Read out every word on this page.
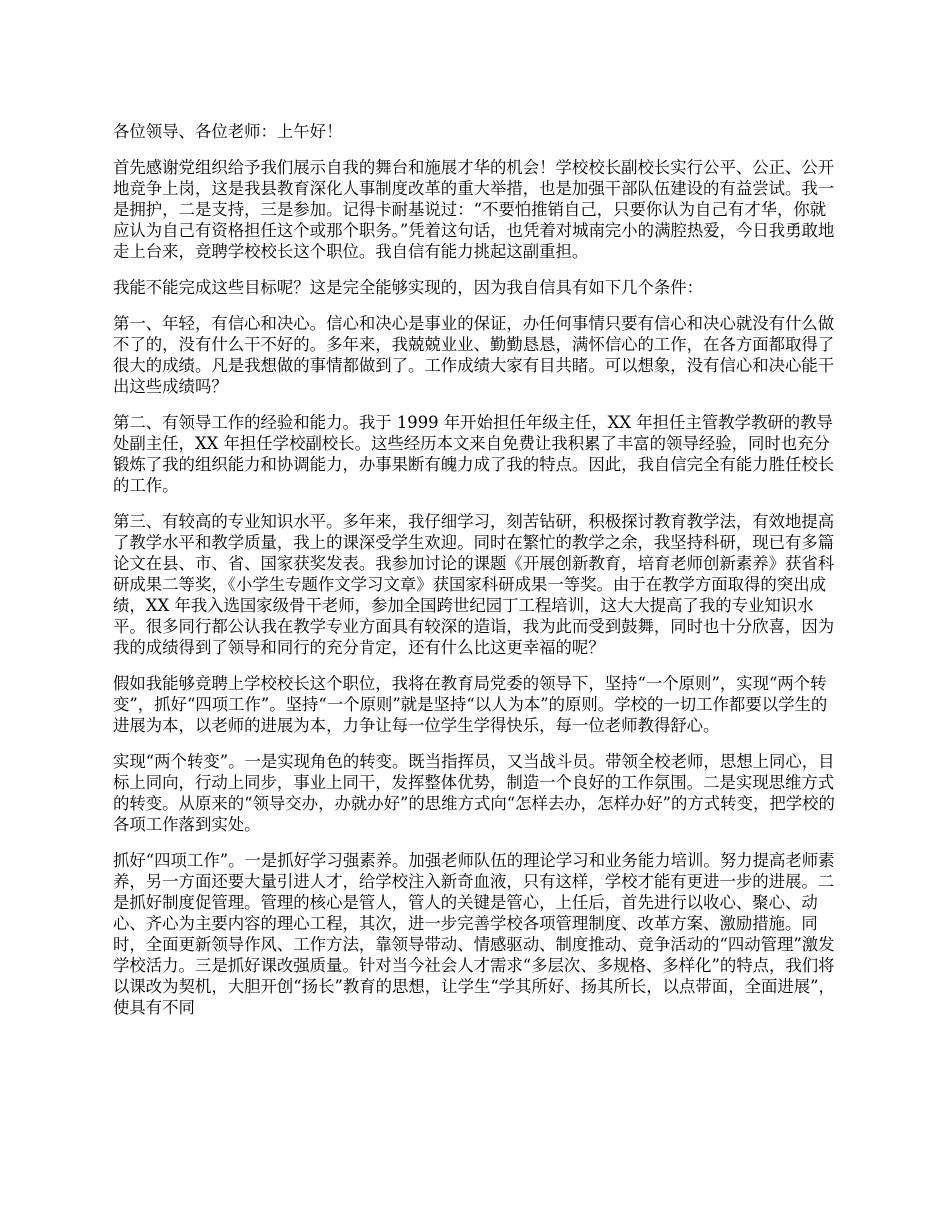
各位领导、各位老师：上午好！

首先感谢党组织给予我们展示自我的舞台和施展才华的机会！学校校长副校长实行公平、公正、公开地竞争上岗，这是我县教育深化人事制度改革的重大举措，也是加强干部队伍建设的有益尝试。我一是拥护，二是支持，三是参加。记得卡耐基说过：“不要怕推销自己，只要你认为自己有才华，你就应认为自己有资格担任这个或那个职务。”凭着这句话，也凭着对城南完小的满腔热爱，今日我勇敢地走上台来，竞聘学校校长这个职位。我自信有能力挑起这副重担。

我能不能完成这些目标呢？这是完全能够实现的，因为我自信具有如下几个条件：

第一、年轻，有信心和决心。信心和决心是事业的保证，办任何事情只要有信心和决心就没有什么做不了的，没有什么干不好的。多年来，我兢兢业业、勤勤恳恳，满怀信心的工作，在各方面都取得了很大的成绩。凡是我想做的事情都做到了。工作成绩大家有目共睹。可以想象，没有信心和决心能干出这些成绩吗？

第二、有领导工作的经验和能力。我于 1999 年开始担任年级主任，XX 年担任主管教学教研的教导处副主任，XX 年担任学校副校长。这些经历本文来自免费让我积累了丰富的领导经验，同时也充分锻炼了我的组织能力和协调能力，办事果断有魄力成了我的特点。因此，我自信完全有能力胜任校长的工作。

第三、有较高的专业知识水平。多年来，我仔细学习，刻苦钻研，积极探讨教育教学法，有效地提高了教学水平和教学质量，我上的课深受学生欢迎。同时在繁忙的教学之余，我坚持科研，现已有多篇论文在县、市、省、国家获奖发表。我参加讨论的课题《开展创新教育，培育老师创新素养》获省科研成果二等奖，《小学生专题作文学习文章》获国家科研成果一等奖。由于在教学方面取得的突出成绩，XX 年我入选国家级骨干老师，参加全国跨世纪园丁工程培训，这大大提高了我的专业知识水平。很多同行都公认我在教学专业方面具有较深的造诣，我为此而受到鼓舞，同时也十分欣喜，因为我的成绩得到了领导和同行的充分肯定，还有什么比这更幸福的呢？

假如我能够竞聘上学校校长这个职位，我将在教育局党委的领导下，坚持“一个原则”，实现“两个转变”，抓好“四项工作”。坚持“一个原则”就是坚持“以人为本”的原则。学校的一切工作都要以学生的进展为本，以老师的进展为本，力争让每一位学生学得快乐，每一位老师教得舒心。

实现“两个转变”。一是实现角色的转变。既当指挥员，又当战斗员。带领全校老师，思想上同心，目标上同向，行动上同步，事业上同干，发挥整体优势，制造一个良好的工作氛围。二是实现思维方式的转变。从原来的“领导交办，办就办好”的思维方式向“怎样去办，怎样办好”的方式转变，把学校的各项工作落到实处。

抓好“四项工作”。一是抓好学习强素养。加强老师队伍的理论学习和业务能力培训。努力提高老师素养，另一方面还要大量引进人才，给学校注入新奇血液，只有这样，学校才能有更进一步的进展。二是抓好制度促管理。管理的核心是管人，管人的关键是管心，上任后，首先进行以收心、聚心、动心、齐心为主要内容的理心工程，其次，进一步完善学校各项管理制度、改革方案、激励措施。同时，全面更新领导作风、工作方法，靠领导带动、情感驱动、制度推动、竞争活动的“四动管理”激发学校活力。三是抓好课改强质量。针对当今社会人才需求“多层次、多规格、多样化”的特点，我们将以课改为契机，大胆开创“扬长”教育的思想，让学生“学其所好、扬其所长，以点带面，全面进展”，使具有不同
